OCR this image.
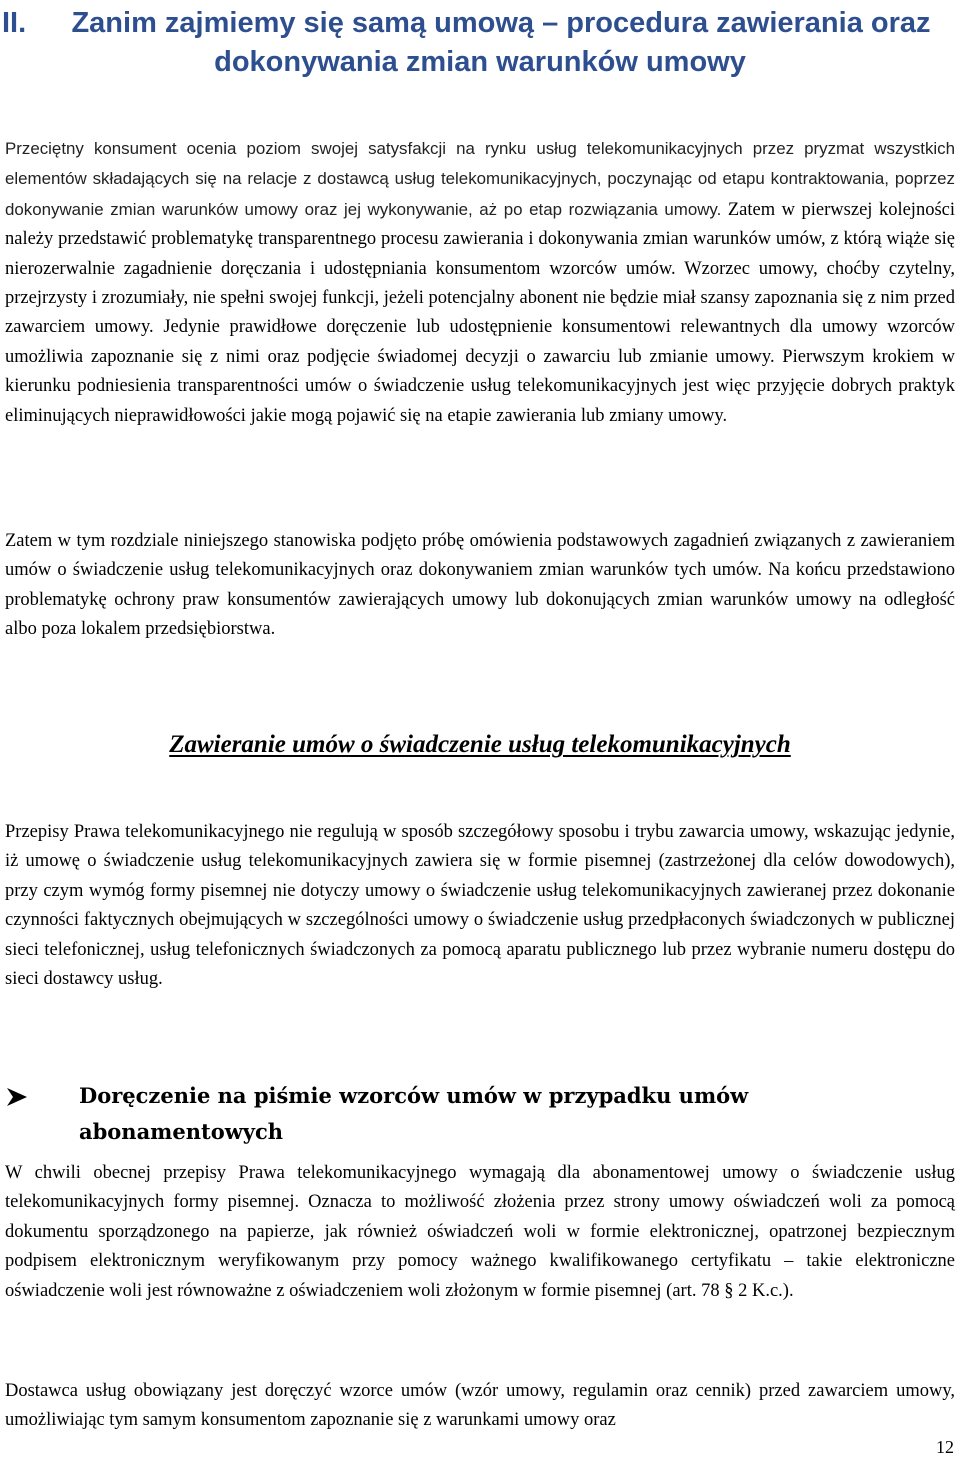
II.	Zanim zajmiemy się samą umową – procedura zawierania oraz
dokonywania zmian warunków umowy

Przeciętny konsument ocenia poziom swojej satysfakcji na rynku usług telekomunikacyjnych przez pryzmat wszystkich elementów składających się na relacje z dostawcą usług telekomunikacyjnych, poczynając od etapu kontraktowania, poprzez dokonywanie zmian warunków umowy oraz jej wykonywanie, aż po etap rozwiązania umowy. Zatem w pierwszej kolejności należy przedstawić problematykę transparentnego procesu zawierania i dokonywania zmian warunków umów, z którą wiąże się nierozerwalnie zagadnienie doręczania i udostępniania konsumentom wzorców umów. Wzorzec umowy, choćby czytelny, przejrzysty i zrozumiały, nie spełni swojej funkcji, jeżeli potencjalny abonent nie będzie miał szansy zapoznania się z nim przed zawarciem umowy. Jedynie prawidłowe doręczenie lub udostępnienie konsumentowi relewantnych dla umowy wzorców umożliwia zapoznanie się z nimi oraz podjęcie świadomej decyzji o zawarciu lub zmianie umowy. Pierwszym krokiem w kierunku podniesienia transparentności umów o świadczenie usług telekomunikacyjnych jest więc przyjęcie dobrych praktyk eliminujących nieprawidłowości jakie mogą pojawić się na etapie zawierania lub zmiany umowy.

Zatem w tym rozdziale niniejszego stanowiska podjęto próbę omówienia podstawowych zagadnień związanych z zawieraniem umów o świadczenie usług telekomunikacyjnych oraz dokonywaniem zmian warunków tych umów. Na końcu przedstawiono problematykę ochrony praw konsumentów zawierających umowy lub dokonujących zmian warunków umowy na odległość albo poza lokalem przedsiębiorstwa.

Zawieranie umów o świadczenie usług telekomunikacyjnych

Przepisy Prawa telekomunikacyjnego nie regulują w sposób szczegółowy sposobu i trybu zawarcia umowy, wskazując jedynie, iż umowę o świadczenie usług telekomunikacyjnych zawiera się w formie pisemnej (zastrzeżonej dla celów dowodowych), przy czym wymóg formy pisemnej nie dotyczy umowy o świadczenie usług telekomunikacyjnych zawieranej przez dokonanie czynności faktycznych obejmujących w szczególności umowy o świadczenie usług przedpłaconych świadczonych w publicznej sieci telefonicznej, usług telefonicznych świadczonych za pomocą aparatu publicznego lub przez wybranie numeru dostępu do sieci dostawcy usług.

Doręczenie na piśmie wzorców umów w przypadku umów
abonamentowych

W chwili obecnej przepisy Prawa telekomunikacyjnego wymagają dla abonamentowej umowy o świadczenie usług telekomunikacyjnych formy pisemnej. Oznacza to możliwość złożenia przez strony umowy oświadczeń woli za pomocą dokumentu sporządzonego na papierze, jak również oświadczeń woli w formie elektronicznej, opatrzonej bezpiecznym podpisem elektronicznym weryfikowanym przy pomocy ważnego kwalifikowanego certyfikatu – takie elektroniczne oświadczenie woli jest równoważne z oświadczeniem woli złożonym w formie pisemnej (art. 78 § 2 K.c.).

Dostawca usług obowiązany jest doręczyć wzorce umów (wzór umowy, regulamin oraz cennik) przed zawarciem umowy, umożliwiając tym samym konsumentom zapoznanie się z warunkami umowy oraz

12
